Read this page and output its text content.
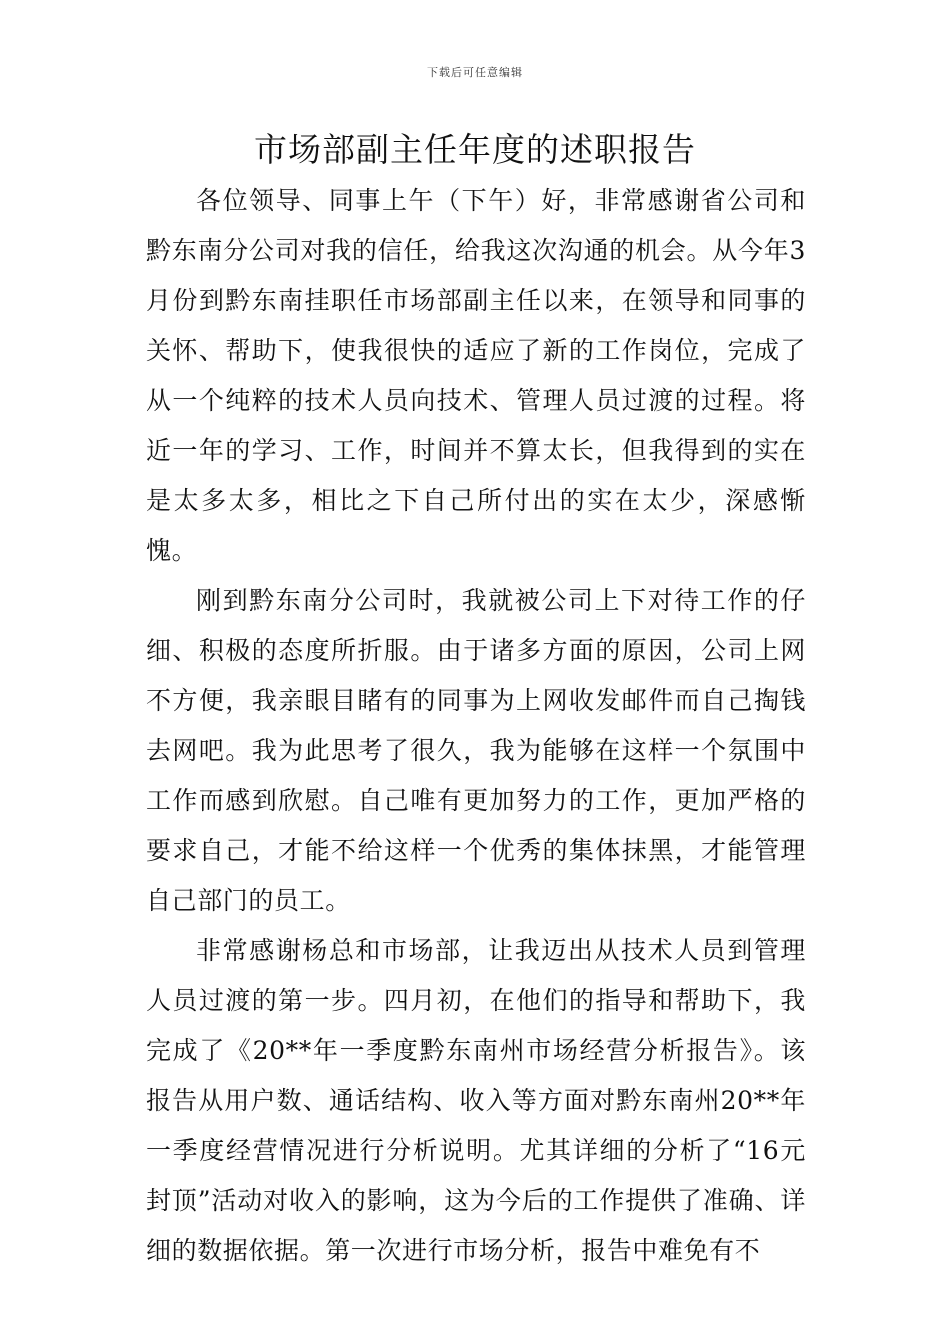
下载后可任意编辑
市场部副主任年度的述职报告

各位领导、同事上午（下午）好，非常感谢省公司和黔东南分公司对我的信任，给我这次沟通的机会。从今年3月份到黔东南挂职任市场部副主任以来，在领导和同事的关怀、帮助下，使我很快的适应了新的工作岗位，完成了从一个纯粹的技术人员向技术、管理人员过渡的过程。将近一年的学习、工作，时间并不算太长，但我得到的实在是太多太多，相比之下自己所付出的实在太少，深感惭愧。

刚到黔东南分公司时，我就被公司上下对待工作的仔细、积极的态度所折服。由于诸多方面的原因，公司上网不方便，我亲眼目睹有的同事为上网收发邮件而自己掏钱去网吧。我为此思考了很久，我为能够在这样一个氛围中工作而感到欣慰。自己唯有更加努力的工作，更加严格的要求自己，才能不给这样一个优秀的集体抹黑，才能管理自己部门的员工。

非常感谢杨总和市场部，让我迈出从技术人员到管理人员过渡的第一步。四月初，在他们的指导和帮助下，我完成了《20**年一季度黔东南州市场经营分析报告》。该报告从用户数、通话结构、收入等方面对黔东南州20**年一季度经营情况进行分析说明。尤其详细的分析了“16元封顶”活动对收入的影响，这为今后的工作提供了准确、详细的数据依据。第一次进行市场分析，报告中难免有不
